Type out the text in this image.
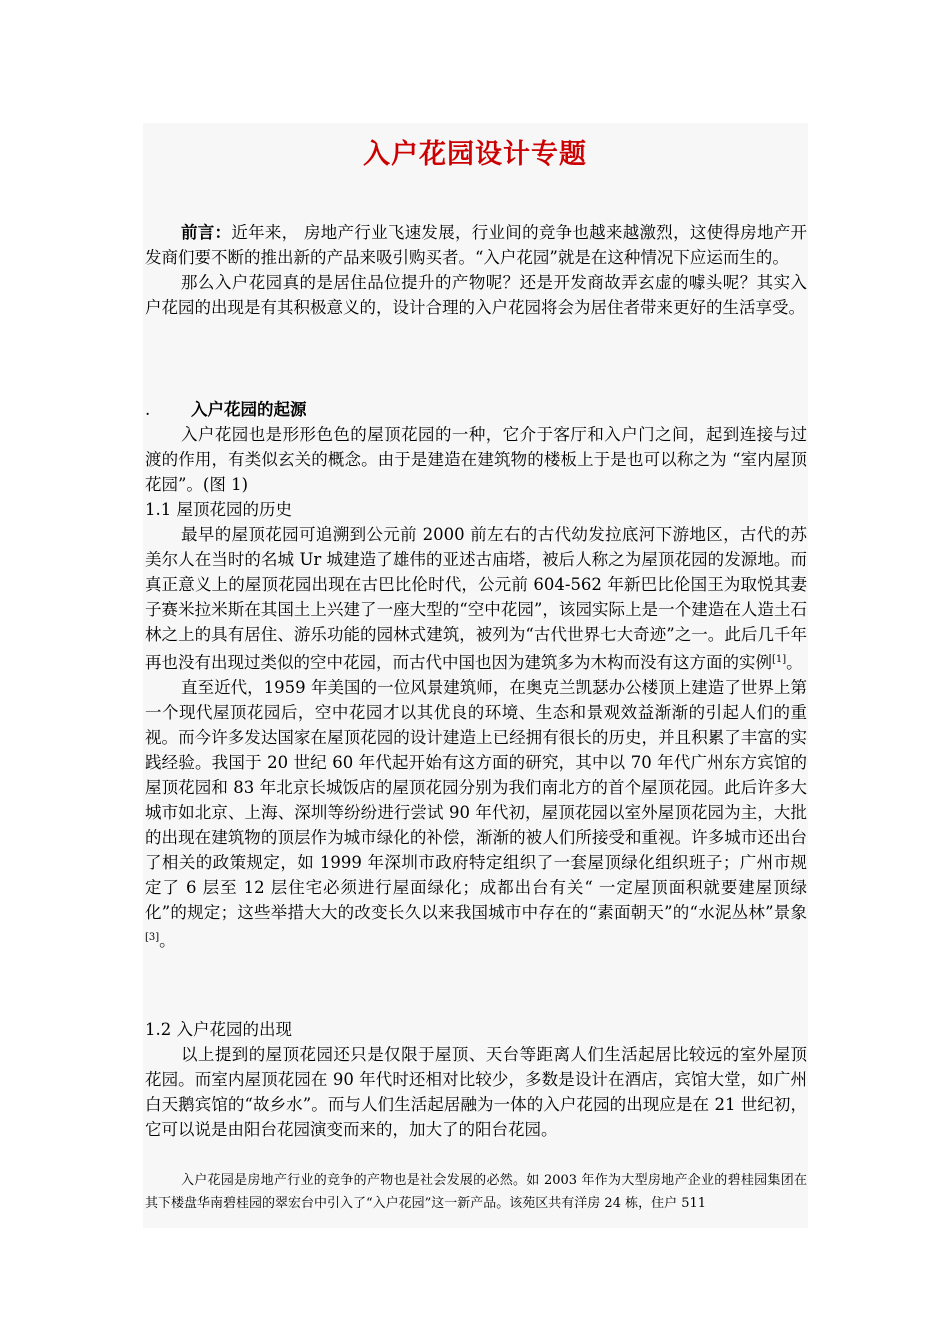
入户花园设计专题

前言：近年来， 房地产行业飞速发展，行业间的竞争也越来越激烈，这使得房地产开发商们要不断的推出新的产品来吸引购买者。“入户花园”就是在这种情况下应运而生的。

那么入户花园真的是居住品位提升的产物呢？还是开发商故弄玄虚的噱头呢？其实入户花园的出现是有其积极意义的，设计合理的入户花园将会为居住者带来更好的生活享受。

. 入户花园的起源

入户花园也是形形色色的屋顶花园的一种，它介于客厅和入户门之间，起到连接与过渡的作用，有类似玄关的概念。由于是建造在建筑物的楼板上于是也可以称之为 “室内屋顶花园”。(图 1)

1.1 屋顶花园的历史

最早的屋顶花园可追溯到公元前 2000 前左右的古代幼发拉底河下游地区，古代的苏美尔人在当时的名城 Ur 城建造了雄伟的亚述古庙塔，被后人称之为屋顶花园的发源地。而真正意义上的屋顶花园出现在古巴比伦时代，公元前 604-562 年新巴比伦国王为取悦其妻子赛米拉米斯在其国土上兴建了一座大型的“空中花园”，该园实际上是一个建造在人造土石林之上的具有居住、游乐功能的园林式建筑，被列为“古代世界七大奇迹”之一。此后几千年再也没有出现过类似的空中花园，而古代中国也因为建筑多为木构而没有这方面的实例[1]。

直至近代，1959 年美国的一位风景建筑师，在奥克兰凯瑟办公楼顶上建造了世界上第一个现代屋顶花园后，空中花园才以其优良的环境、生态和景观效益渐渐的引起人们的重视。而今许多发达国家在屋顶花园的设计建造上已经拥有很长的历史，并且积累了丰富的实践经验。我国于 20 世纪 60 年代起开始有这方面的研究，其中以 70 年代广州东方宾馆的屋顶花园和 83 年北京长城饭店的屋顶花园分别为我们南北方的首个屋顶花园。此后许多大城市如北京、上海、深圳等纷纷进行尝试 90 年代初，屋顶花园以室外屋顶花园为主，大批的出现在建筑物的顶层作为城市绿化的补偿，渐渐的被人们所接受和重视。许多城市还出台了相关的政策规定，如 1999 年深圳市政府特定组织了一套屋顶绿化组织班子；广州市规定了 6 层至 12 层住宅必须进行屋面绿化；成都出台有关“ 一定屋顶面积就要建屋顶绿化”的规定；这些举措大大的改变长久以来我国城市中存在的“素面朝天”的“水泥丛林”景象[3]。

1.2 入户花园的出现

以上提到的屋顶花园还只是仅限于屋顶、天台等距离人们生活起居比较远的室外屋顶花园。而室内屋顶花园在 90 年代时还相对比较少，多数是设计在酒店，宾馆大堂，如广州白天鹅宾馆的“故乡水”。而与人们生活起居融为一体的入户花园的出现应是在 21 世纪初，它可以说是由阳台花园演变而来的，加大了的阳台花园。

入户花园是房地产行业的竞争的产物也是社会发展的必然。如 2003 年作为大型房地产企业的碧桂园集团在其下楼盘华南碧桂园的翠宏台中引入了“入户花园”这一新产品。该苑区共有洋房 24 栋，住户 511
